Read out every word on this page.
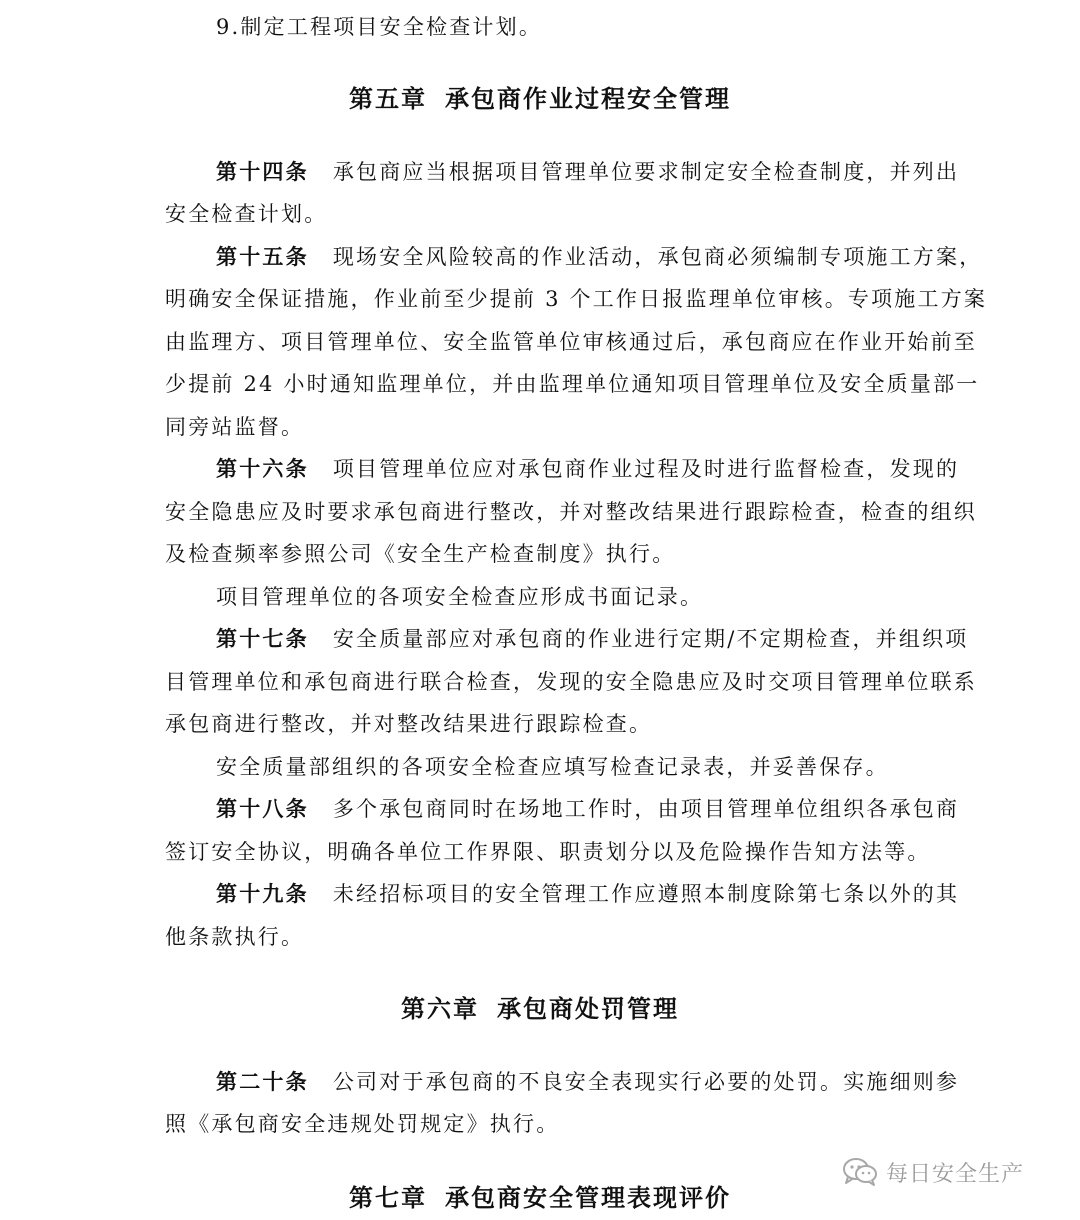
9.制定工程项目安全检查计划。
第五章 承包商作业过程安全管理
第十四条 承包商应当根据项目管理单位要求制定安全检查制度，并列出
安全检查计划。
第十五条 现场安全风险较高的作业活动，承包商必须编制专项施工方案，
明确安全保证措施，作业前至少提前 3 个工作日报监理单位审核。专项施工方案
由监理方、项目管理单位、安全监管单位审核通过后，承包商应在作业开始前至
少提前 24 小时通知监理单位，并由监理单位通知项目管理单位及安全质量部一
同旁站监督。
第十六条 项目管理单位应对承包商作业过程及时进行监督检查，发现的
安全隐患应及时要求承包商进行整改，并对整改结果进行跟踪检查，检查的组织
及检查频率参照公司《安全生产检查制度》执行。
项目管理单位的各项安全检查应形成书面记录。
第十七条 安全质量部应对承包商的作业进行定期/不定期检查，并组织项
目管理单位和承包商进行联合检查，发现的安全隐患应及时交项目管理单位联系
承包商进行整改，并对整改结果进行跟踪检查。
安全质量部组织的各项安全检查应填写检查记录表，并妥善保存。
第十八条 多个承包商同时在场地工作时，由项目管理单位组织各承包商
签订安全协议，明确各单位工作界限、职责划分以及危险操作告知方法等。
第十九条 未经招标项目的安全管理工作应遵照本制度除第七条以外的其
他条款执行。
第六章 承包商处罚管理
第二十条 公司对于承包商的不良安全表现实行必要的处罚。实施细则参
照《承包商安全违规处罚规定》执行。
第七章 承包商安全管理表现评价
每日安全生产
